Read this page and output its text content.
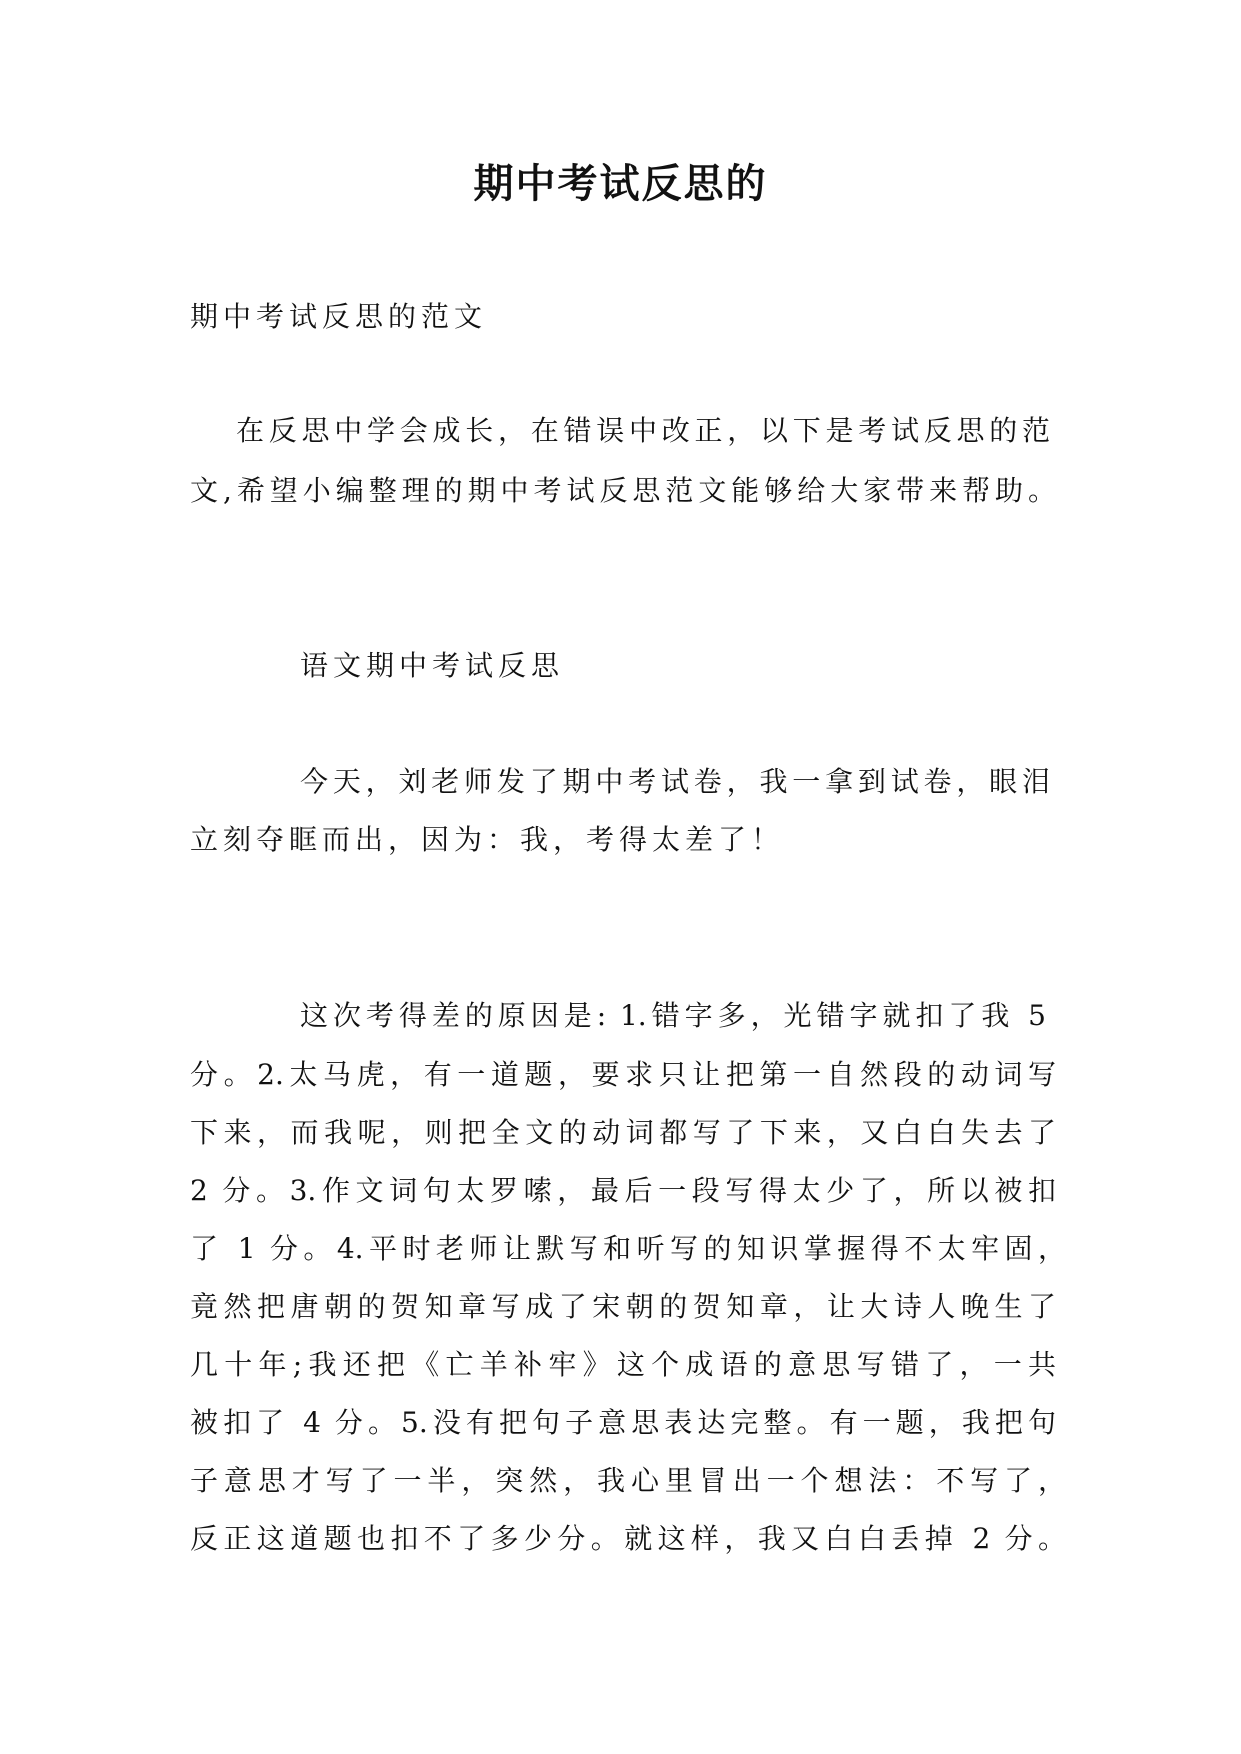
期中考试反思的
期中考试反思的范文
在反思中学会成长，在错误中改正，以下是考试反思的范
文,希望小编整理的期中考试反思范文能够给大家带来帮助。
语文期中考试反思
今天，刘老师发了期中考试卷，我一拿到试卷，眼泪
立刻夺眶而出，因为：我，考得太差了！
这次考得差的原因是: 1.错字多，光错字就扣了我 5
分。2.太马虎，有一道题，要求只让把第一自然段的动词写
下来，而我呢，则把全文的动词都写了下来，又白白失去了
2 分。3.作文词句太罗嗦，最后一段写得太少了，所以被扣
了 1 分。4.平时老师让默写和听写的知识掌握得不太牢固，
竟然把唐朝的贺知章写成了宋朝的贺知章，让大诗人晚生了
几十年;我还把《亡羊补牢》这个成语的意思写错了，一共
被扣了 4 分。5.没有把句子意思表达完整。有一题，我把句
子意思才写了一半，突然，我心里冒出一个想法：不写了，
反正这道题也扣不了多少分。就这样，我又白白丢掉 2 分。
